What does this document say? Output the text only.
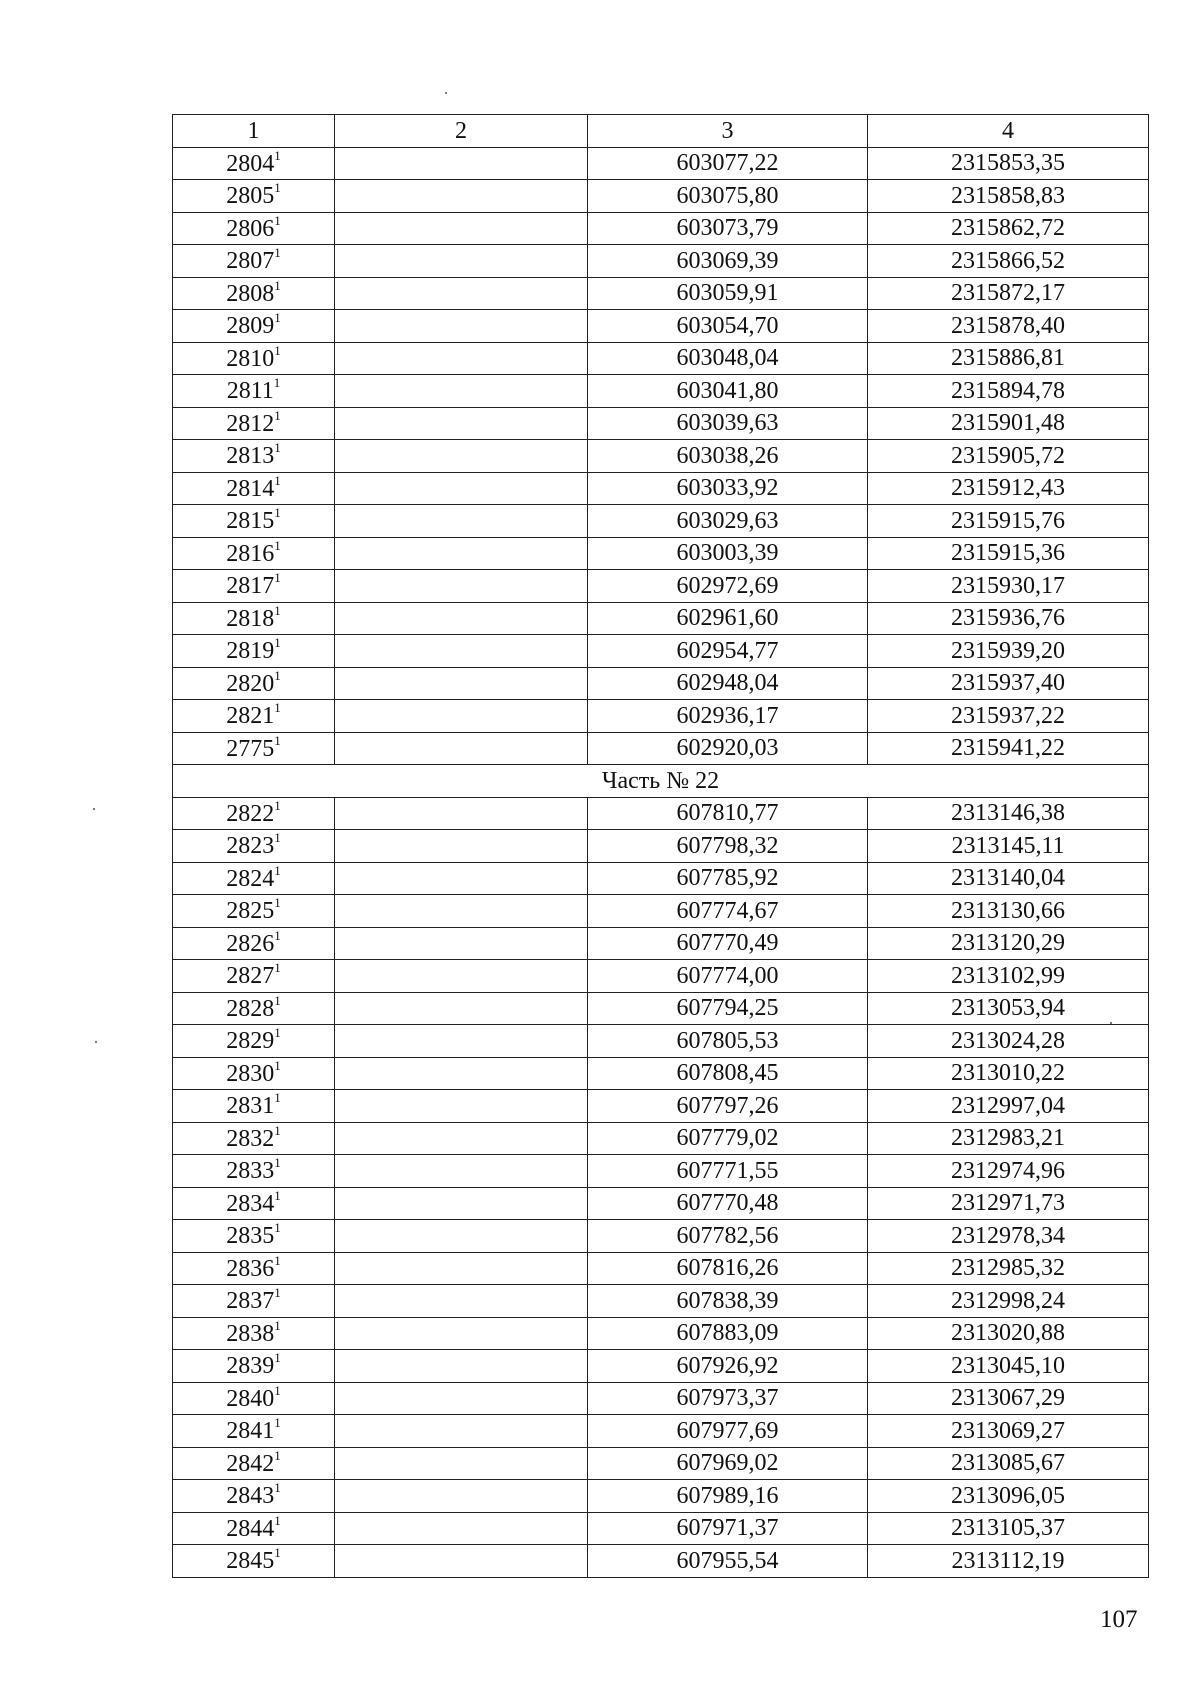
1	2	3	4
2804$^1$		603077,22	2315853,35
2805$^1$		603075,80	2315858,83
2806$^1$		603073,79	2315862,72
2807$^1$		603069,39	2315866,52
2808$^1$		603059,91	2315872,17
2809$^1$		603054,70	2315878,40
2810$^1$		603048,04	2315886,81
2811$^1$		603041,80	2315894,78
2812$^1$		603039,63	2315901,48
2813$^1$		603038,26	2315905,72
2814$^1$		603033,92	2315912,43
2815$^1$		603029,63	2315915,76
2816$^1$		603003,39	2315915,36
2817$^1$		602972,69	2315930,17
2818$^1$		602961,60	2315936,76
2819$^1$		602954,77	2315939,20
2820$^1$		602948,04	2315937,40
2821$^1$		602936,17	2315937,22
2775$^1$		602920,03	2315941,22
Часть № 22			
2822$^1$		607810,77	2313146,38
2823$^1$		607798,32	2313145,11
2824$^1$		607785,92	2313140,04
2825$^1$		607774,67	2313130,66
2826$^1$		607770,49	2313120,29
2827$^1$		607774,00	2313102,99
2828$^1$		607794,25	2313053,94
2829$^1$		607805,53	2313024,28
2830$^1$		607808,45	2313010,22
2831$^1$		607797,26	2312997,04
2832$^1$		607779,02	2312983,21
2833$^1$		607771,55	2312974,96
2834$^1$		607770,48	2312971,73
2835$^1$		607782,56	2312978,34
2836$^1$		607816,26	2312985,32
2837$^1$		607838,39	2312998,24
2838$^1$		607883,09	2313020,88
2839$^1$		607926,92	2313045,10
2840$^1$		607973,37	2313067,29
2841$^1$		607977,69	2313069,27
2842$^1$		607969,02	2313085,67
2843$^1$		607989,16	2313096,05
2844$^1$		607971,37	2313105,37
2845$^1$		607955,54	2313112,19
107
